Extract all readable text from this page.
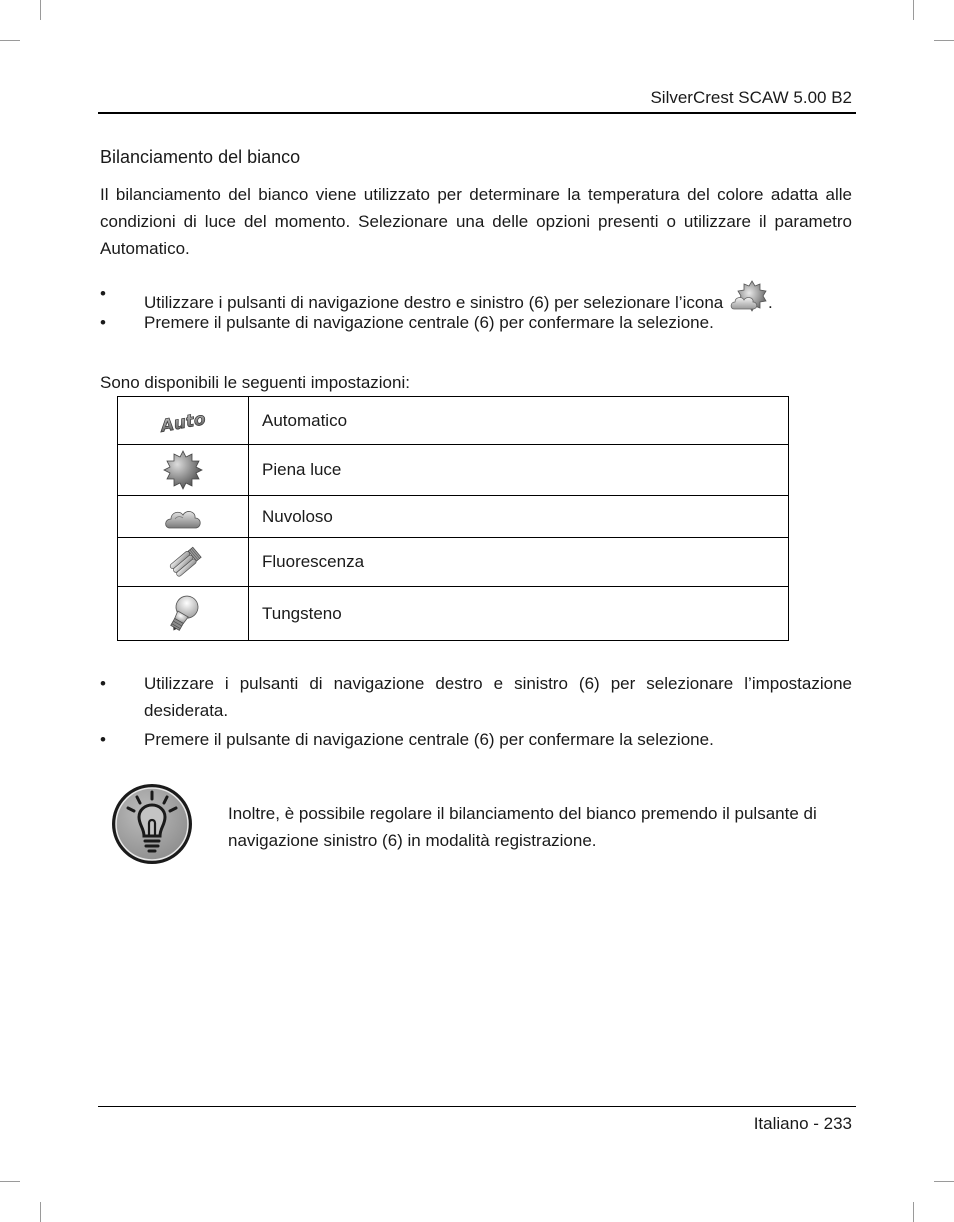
SilverCrest SCAW 5.00 B2
Bilanciamento del bianco
Il bilanciamento del bianco viene utilizzato per determinare la temperatura del colore adatta alle condizioni di luce del momento. Selezionare una delle opzioni presenti o utilizzare il parametro Automatico.
• Utilizzare i pulsanti di navigazione destro e sinistro (6) per selezionare l’icona	.
• Premere il pulsante di navigazione centrale (6) per confermare la selezione.
Sono disponibili le seguenti impostazioni:
Auto	Automatico

	Piena luce

	Nuvoloso

	Fluorescenza

	Tungsteno
• Utilizzare i pulsanti di navigazione destro e sinistro (6) per selezionare l’impostazione desiderata.
• Premere il pulsante di navigazione centrale (6) per confermare la selezione.
Inoltre, è possibile regolare il bilanciamento del bianco premendo il pulsante di navigazione sinistro (6) in modalità registrazione.
Italiano - 233
